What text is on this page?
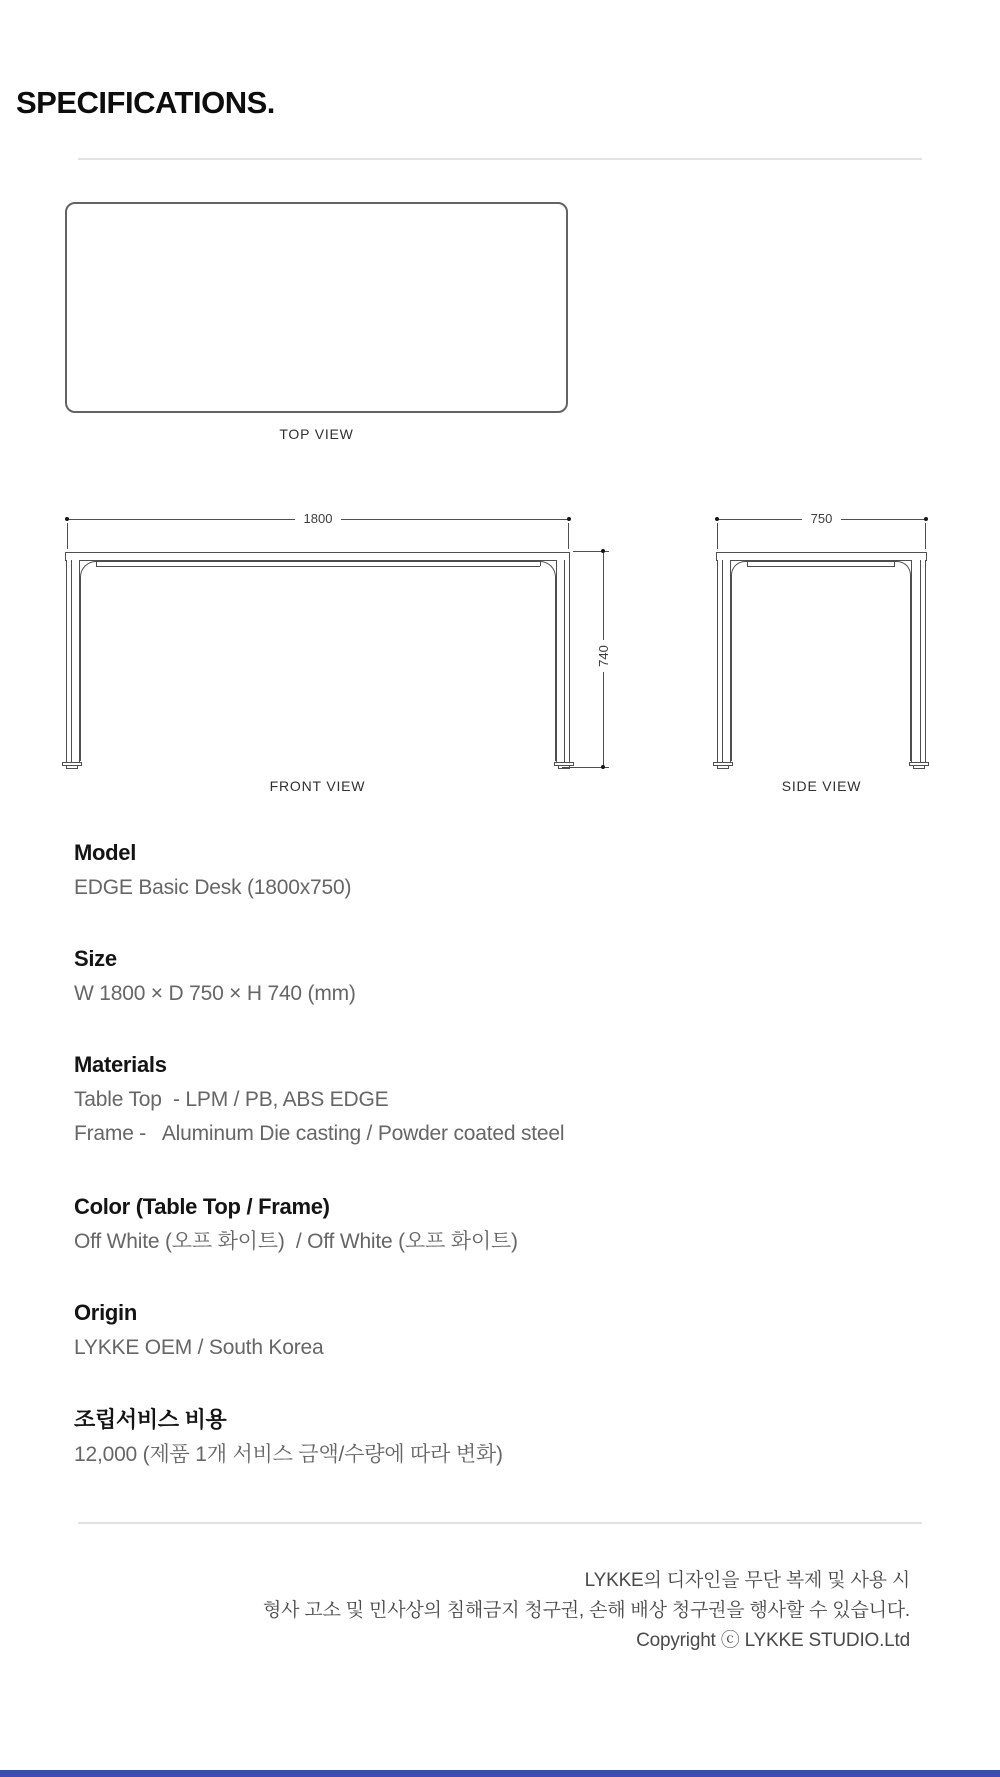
SPECIFICATIONS.
TOP VIEW
1800
740
FRONT VIEW
750
SIDE VIEW
Model
EDGE Basic Desk (1800x750)
Size
W 1800 × D 750 × H 740 (mm)
Materials
Table Top  - LPM / PB, ABS EDGE
Frame -   Aluminum Die casting / Powder coated steel
Color (Table Top / Frame)
Off White (오프 화이트)  / Off White (오프 화이트)
Origin
LYKKE OEM / South Korea
조립서비스 비용
12,000 (제품 1개 서비스 금액/수량에 따라 변화)
LYKKE의 디자인을 무단 복제 및 사용 시
형사 고소 및 민사상의 침해금지 청구권, 손해 배상 청구권을 행사할 수 있습니다.
Copyright ⓒ LYKKE STUDIO.Ltd
